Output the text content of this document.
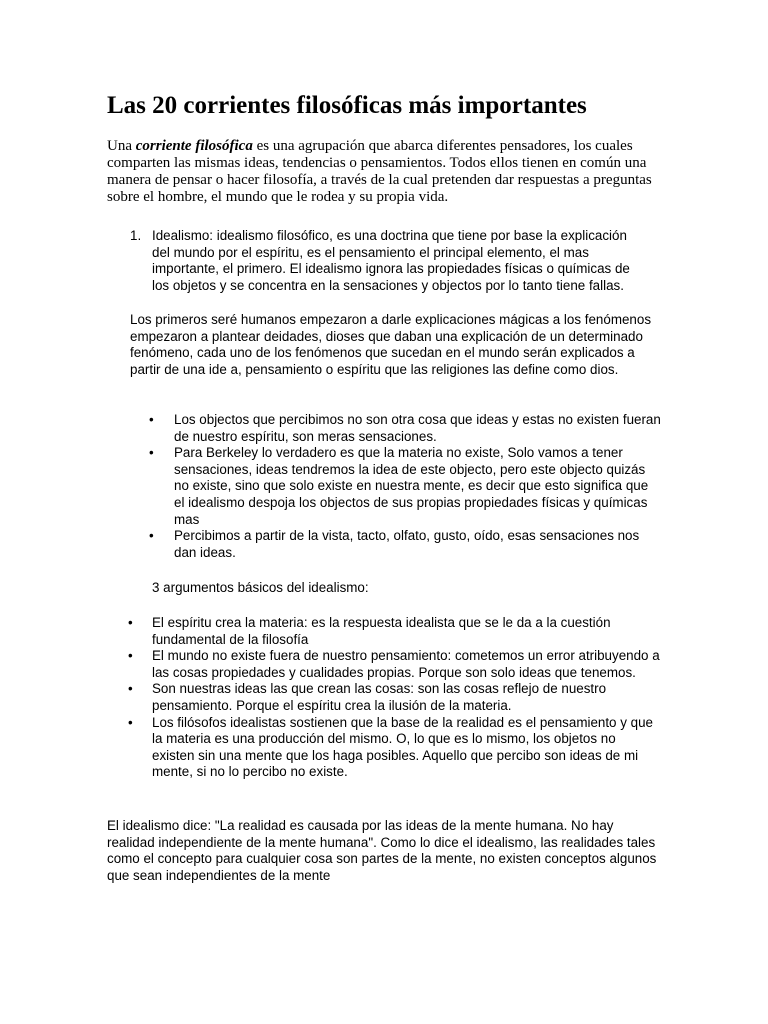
Las 20 corrientes filosóficas más importantes

Una corriente filosófica es una agrupación que abarca diferentes pensadores, los cuales comparten las mismas ideas, tendencias o pensamientos. Todos ellos tienen en común una manera de pensar o hacer filosofía, a través de la cual pretenden dar respuestas a preguntas sobre el hombre, el mundo que le rodea y su propia vida.

1. Idealismo: idealismo filosófico, es una doctrina que tiene por base la explicación del mundo por el espíritu, es el pensamiento el principal elemento, el mas importante, el primero. El idealismo ignora las propiedades físicas o químicas de los objetos y se concentra en la sensaciones y objectos por lo tanto tiene fallas.

Los primeros seré humanos empezaron a darle explicaciones mágicas a los fenómenos empezaron a plantear deidades, dioses que daban una explicación de un determinado fenómeno, cada uno de los fenómenos que sucedan en el mundo serán explicados a partir de una ide a, pensamiento o espíritu que las religiones las define como dios.

• Los objectos que percibimos no son otra cosa que ideas y estas no existen fueran de nuestro espíritu, son meras sensaciones.
• Para Berkeley lo verdadero es que la materia no existe, Solo vamos a tener sensaciones, ideas tendremos la idea de este objecto, pero este objecto quizás no existe, sino que solo existe en nuestra mente, es decir que esto significa que el idealismo despoja los objectos de sus propias propiedades físicas y químicas mas
• Percibimos a partir de la vista, tacto, olfato, gusto, oído, esas sensaciones nos dan ideas.

3 argumentos básicos del idealismo:

• El espíritu crea la materia: es la respuesta idealista que se le da a la cuestión fundamental de la filosofía
• El mundo no existe fuera de nuestro pensamiento: cometemos un error atribuyendo a las cosas propiedades y cualidades propias. Porque son solo ideas que tenemos.
• Son nuestras ideas las que crean las cosas: son las cosas reflejo de nuestro pensamiento. Porque el espíritu crea la ilusión de la materia.
• Los filósofos idealistas sostienen que la base de la realidad es el pensamiento y que la materia es una producción del mismo. O, lo que es lo mismo, los objetos no existen sin una mente que los haga posibles. Aquello que percibo son ideas de mi mente, si no lo percibo no existe.

El idealismo dice: "La realidad es causada por las ideas de la mente humana. No hay realidad independiente de la mente humana". Como lo dice el idealismo, las realidades tales como el concepto para cualquier cosa son partes de la mente, no existen conceptos algunos que sean independientes de la mente
